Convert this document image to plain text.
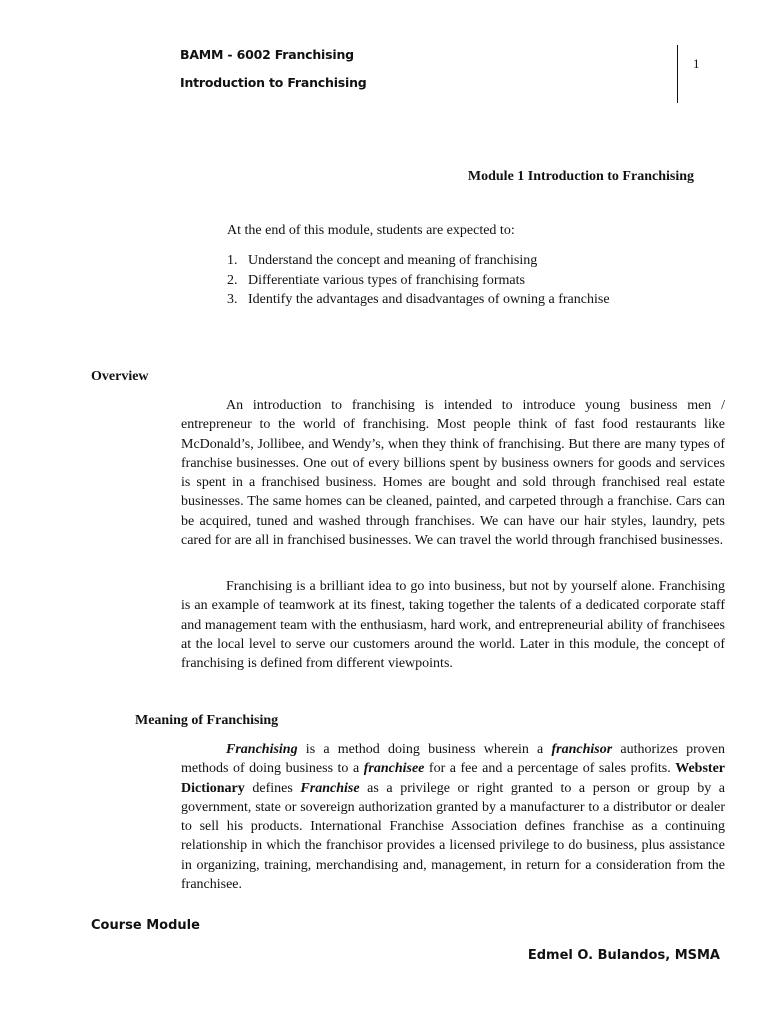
BAMM - 6002 Franchising
Introduction to Franchising
1
Module 1 Introduction to Franchising
At the end of this module, students are expected to:
1. Understand the concept and meaning of franchising
2. Differentiate various types of franchising formats
3. Identify the advantages and disadvantages of owning a franchise
Overview

An introduction to franchising is intended to introduce young business men / entrepreneur to the world of franchising. Most people think of fast food restaurants like McDonald’s, Jollibee, and Wendy’s, when they think of franchising. But there are many types of franchise businesses. One out of every billions spent by business owners for goods and services is spent in a franchised business. Homes are bought and sold through franchised real estate businesses. The same homes can be cleaned, painted, and carpeted through a franchise. Cars can be acquired, tuned and washed through franchises. We can have our hair styles, laundry, pets cared for are all in franchised businesses. We can travel the world through franchised businesses.

Franchising is a brilliant idea to go into business, but not by yourself alone. Franchising is an example of teamwork at its finest, taking together the talents of a dedicated corporate staff and management team with the enthusiasm, hard work, and entrepreneurial ability of franchisees at the local level to serve our customers around the world. Later in this module, the concept of franchising is defined from different viewpoints.

Meaning of Franchising

Franchising is a method doing business wherein a franchisor authorizes proven methods of doing business to a franchisee for a fee and a percentage of sales profits. Webster Dictionary defines Franchise as a privilege or right granted to a person or group by a government, state or sovereign authorization granted by a manufacturer to a distributor or dealer to sell his products. International Franchise Association defines franchise as a continuing relationship in which the franchisor provides a licensed privilege to do business, plus assistance in organizing, training, merchandising and, management, in return for a consideration from the franchisee.

Course Module
Edmel O. Bulandos, MSMA
